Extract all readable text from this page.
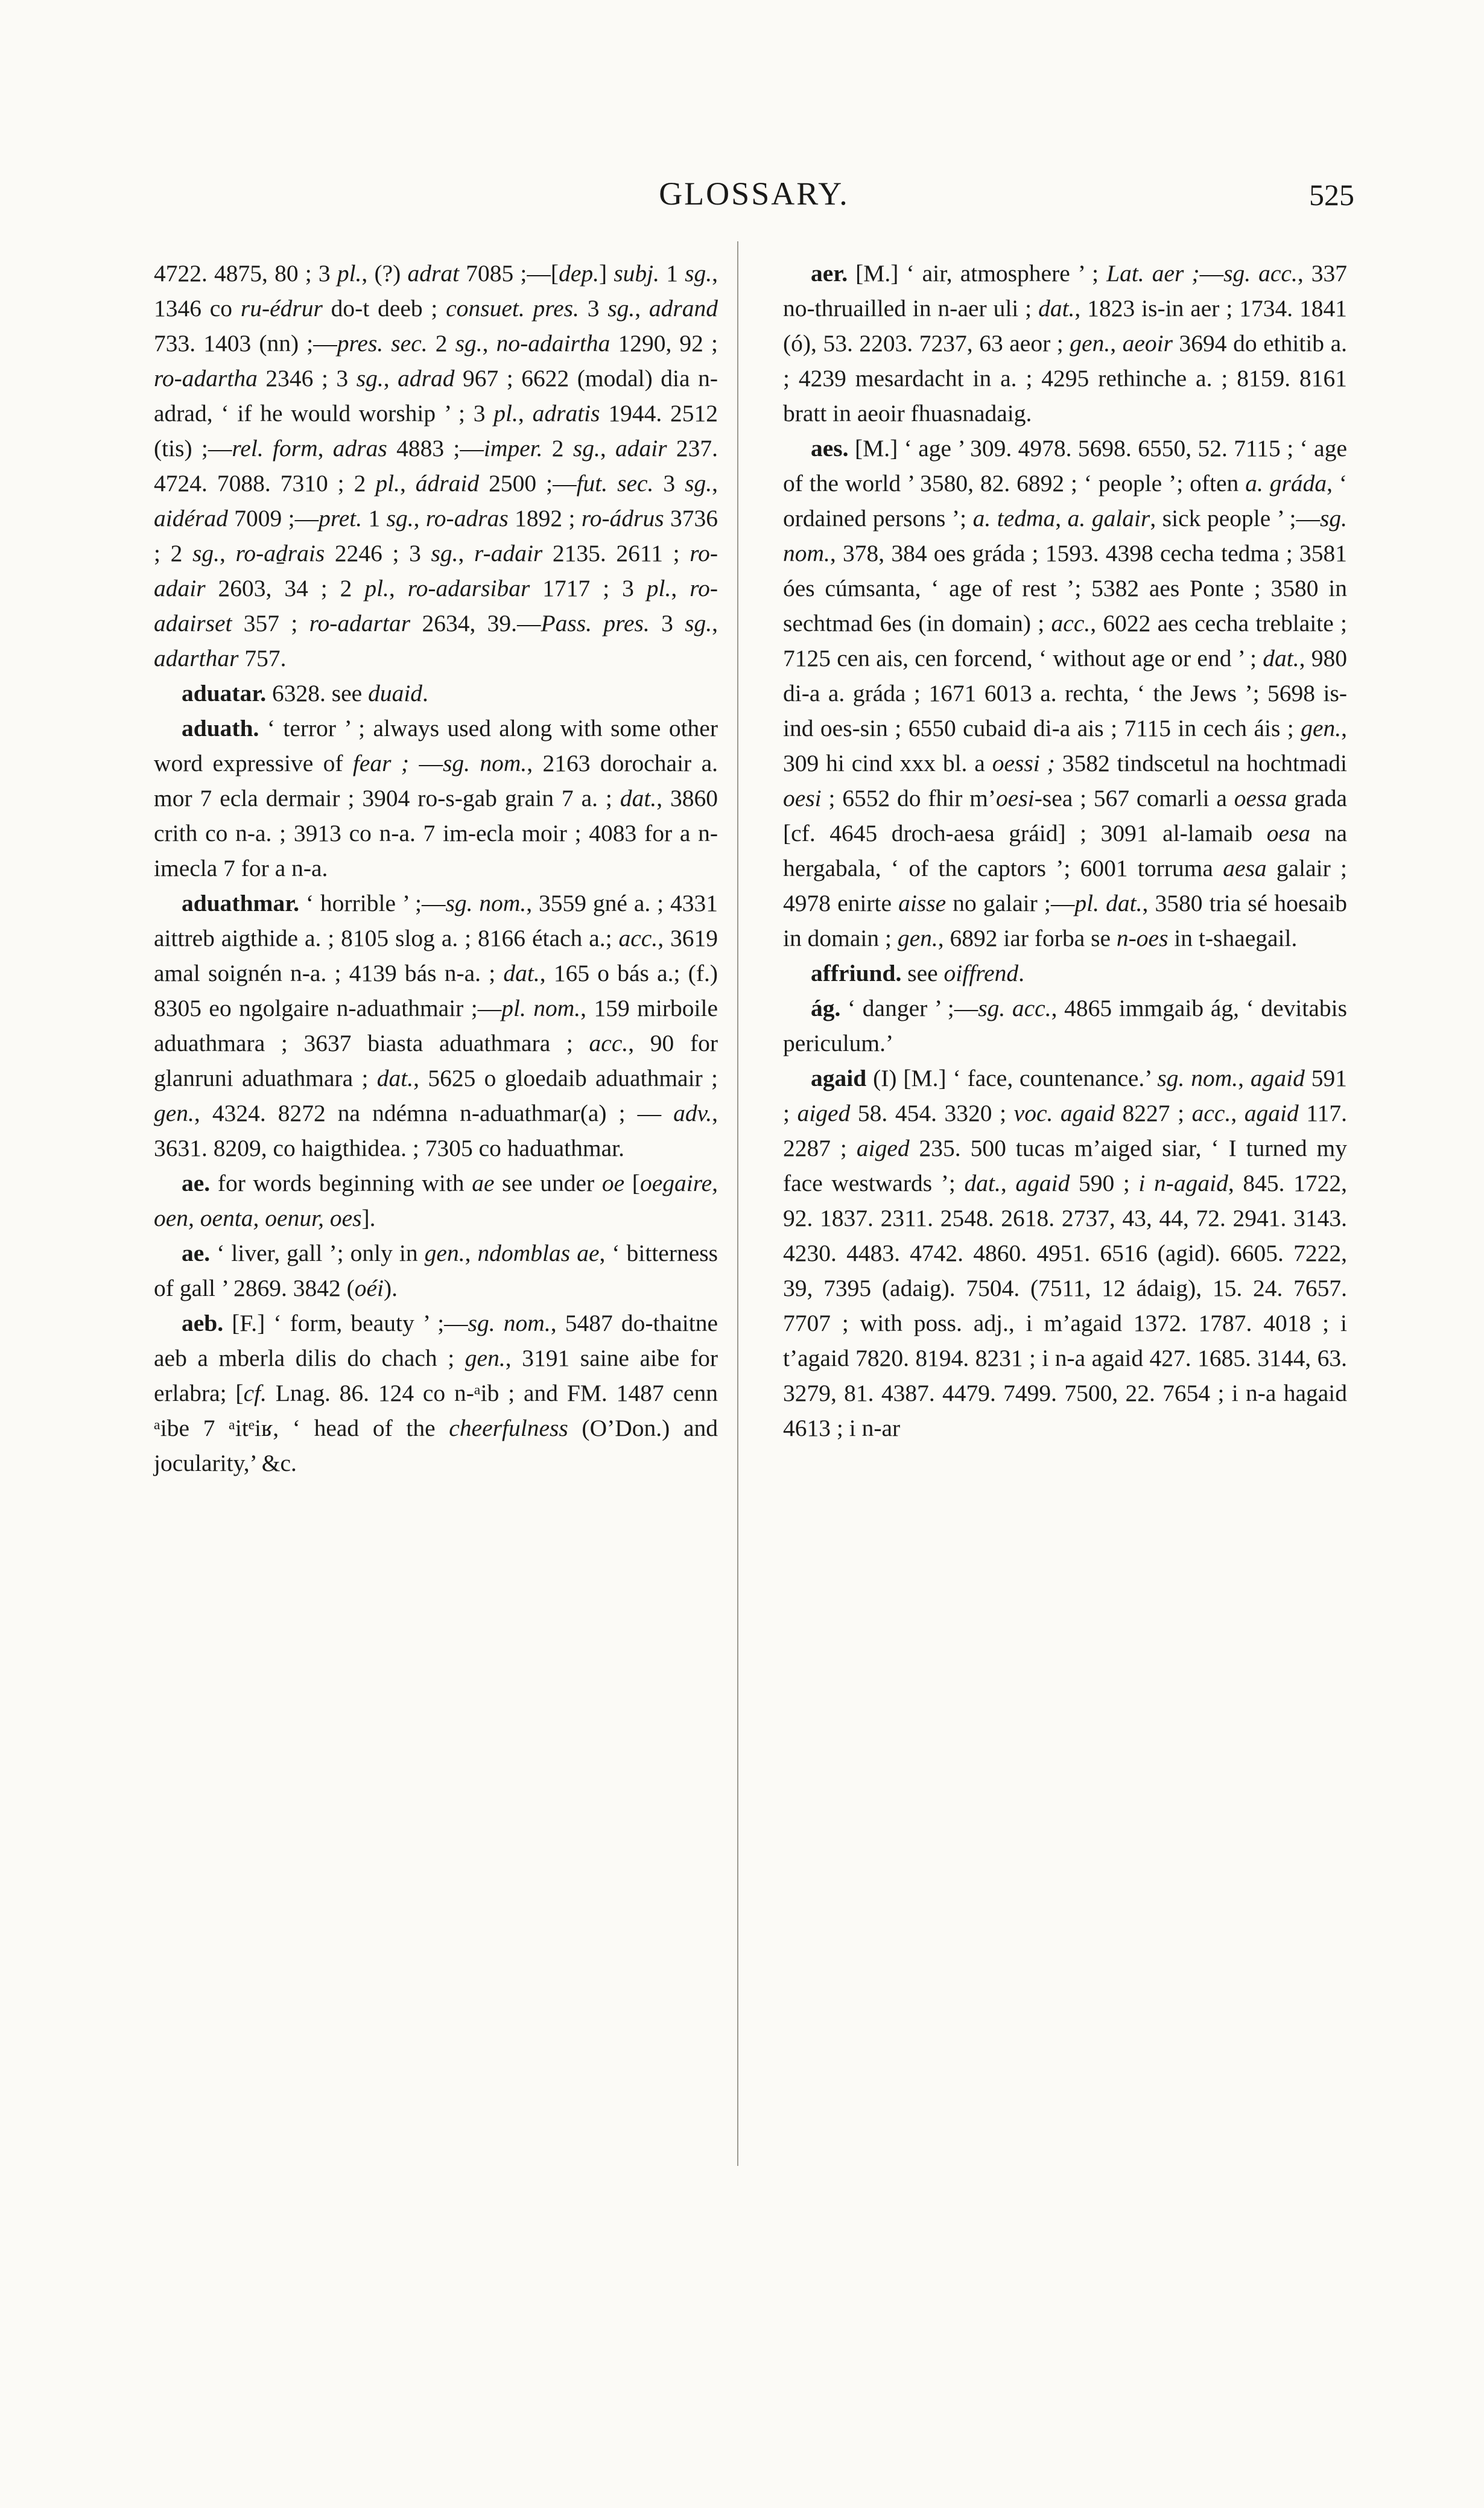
GLOSSARY.	525

4722. 4875, 80 ; 3 pl., (?) adrat 7085 ;—[dep.] subj. 1 sg., 1346 co ru-édrur do-t deeb ; consuet. pres. 3 sg., adrand 733. 1403 (nn) ;—pres. sec. 2 sg., no-adairtha 1290, 92 ; ro-adartha 2346 ; 3 sg., adrad 967 ; 6622 (modal) dia n-adrad, ‘ if he would worship ’ ; 3 pl., adratis 1944. 2512 (tis) ;—rel. form, adras 4883 ;—imper. 2 sg., adair 237. 4724. 7088. 7310 ; 2 pl., ádraid 2500 ;—fut. sec. 3 sg., aidérad 7009 ;—pret. 1 sg., ro-adras 1892 ; ro-ádrus 3736 ; 2 sg., ro-aḏrais 2246 ; 3 sg., r-adair 2135. 2611 ; ro-adair 2603, 34 ; 2 pl., ro-adarsibar 1717 ; 3 pl., ro-adairset 357 ; ro-adartar 2634, 39.—Pass. pres. 3 sg., adarthar 757.

aduatar. 6328. see duaid.

aduath. ‘ terror ’ ; always used along with some other word expressive of fear ; —sg. nom., 2163 dorochair a. mor 7 ecla dermair ; 3904 ro-s-gab grain 7 a. ; dat., 3860 crith co n-a. ; 3913 co n-a. 7 im-ecla moir ; 4083 for a n-imecla 7 for a n-a.

aduathmar. ‘ horrible ’ ;—sg. nom., 3559 gné a. ; 4331 aittreb aigthide a. ; 8105 slog a. ; 8166 étach a.; acc., 3619 amal soignén n-a. ; 4139 bás n-a. ; dat., 165 o bás a.; (f.) 8305 eo ngolgaire n-aduathmair ;—pl. nom., 159 mirboile aduathmara ; 3637 biasta aduathmara ; acc., 90 for glanruni aduathmara ; dat., 5625 o gloedaib aduathmair ; gen., 4324. 8272 na ndémna n-aduathmar(a) ; — adv., 3631. 8209, co haigthidea. ; 7305 co haduathmar.

ae. for words beginning with ae see under oe [oegaire, oen, oenta, oenur, oes].

ae. ‘ liver, gall ’; only in gen., ndomblas ae, ‘ bitterness of gall ’ 2869. 3842 (oéi).

aeb. [F.] ‘ form, beauty ’ ;—sg. nom., 5487 do-thaitne aeb a mberla dilis do chach ; gen., 3191 saine aibe for erlabra; [cf. Lnag. 86. 124 co n-ᵃib ; and FM. 1487 cenn ᵃibe 7 ᵃitᵉiʁ, ‘ head of the cheerfulness (O’Don.) and jocularity,’ &c.

aer. [M.] ‘ air, atmosphere ’ ; Lat. aer ;—sg. acc., 337 no-thruailled in n-aer uli ; dat., 1823 is-in aer ; 1734. 1841 (ó), 53. 2203. 7237, 63 aeor ; gen., aeoir 3694 do ethitib a. ; 4239 mesardacht in a. ; 4295 rethinche a. ; 8159. 8161 bratt in aeoir fhuasnadaig.

aes. [M.] ‘ age ’ 309. 4978. 5698. 6550, 52. 7115 ; ‘ age of the world ’ 3580, 82. 6892 ; ‘ people ’; often a. gráda, ‘ ordained persons ’; a. tedma, a. galair, sick people ’ ;—sg. nom., 378, 384 oes gráda ; 1593. 4398 cecha tedma ; 3581 óes cúmsanta, ‘ age of rest ’; 5382 aes Ponte ; 3580 in sechtmad 6es (in domain) ; acc., 6022 aes cecha treblaite ; 7125 cen ais, cen forcend, ‘ without age or end ’ ; dat., 980 di-a a. gráda ; 1671 6013 a. rechta, ‘ the Jews ’; 5698 is-ind oes-sin ; 6550 cubaid di-a ais ; 7115 in cech áis ; gen., 309 hi cind xxx bl. a oessi ; 3582 tindscetul na hochtmadi oesi ; 6552 do fhir m’oesi-sea ; 567 comarli a oessa grada [cf. 4645 droch-aesa gráid] ; 3091 al-lamaib oesa na hergabala, ‘ of the captors ’; 6001 torruma aesa galair ; 4978 enirte aisse no galair ;—pl. dat., 3580 tria sé hoesaib in domain ; gen., 6892 iar forba se n-oes in t-shaegail.

affriund. see oiffrend.

ág. ‘ danger ’ ;—sg. acc., 4865 immgaib ág, ‘ devitabis periculum.’

agaid (I) [M.] ‘ face, countenance.’ sg. nom., agaid 591 ; aiged 58. 454. 3320 ; voc. agaid 8227 ; acc., agaid 117. 2287 ; aiged 235. 500 tucas m’aiged siar, ‘ I turned my face westwards ’; dat., agaid 590 ; i n-agaid, 845. 1722, 92. 1837. 2311. 2548. 2618. 2737, 43, 44, 72. 2941. 3143. 4230. 4483. 4742. 4860. 4951. 6516 (agid). 6605. 7222, 39, 7395 (adaig). 7504. (7511, 12 ádaig), 15. 24. 7657. 7707 ; with poss. adj., i m’agaid 1372. 1787. 4018 ; i t’agaid 7820. 8194. 8231 ; i n-a agaid 427. 1685. 3144, 63. 3279, 81. 4387. 4479. 7499. 7500, 22. 7654 ; i n-a hagaid 4613 ; i n-ar
